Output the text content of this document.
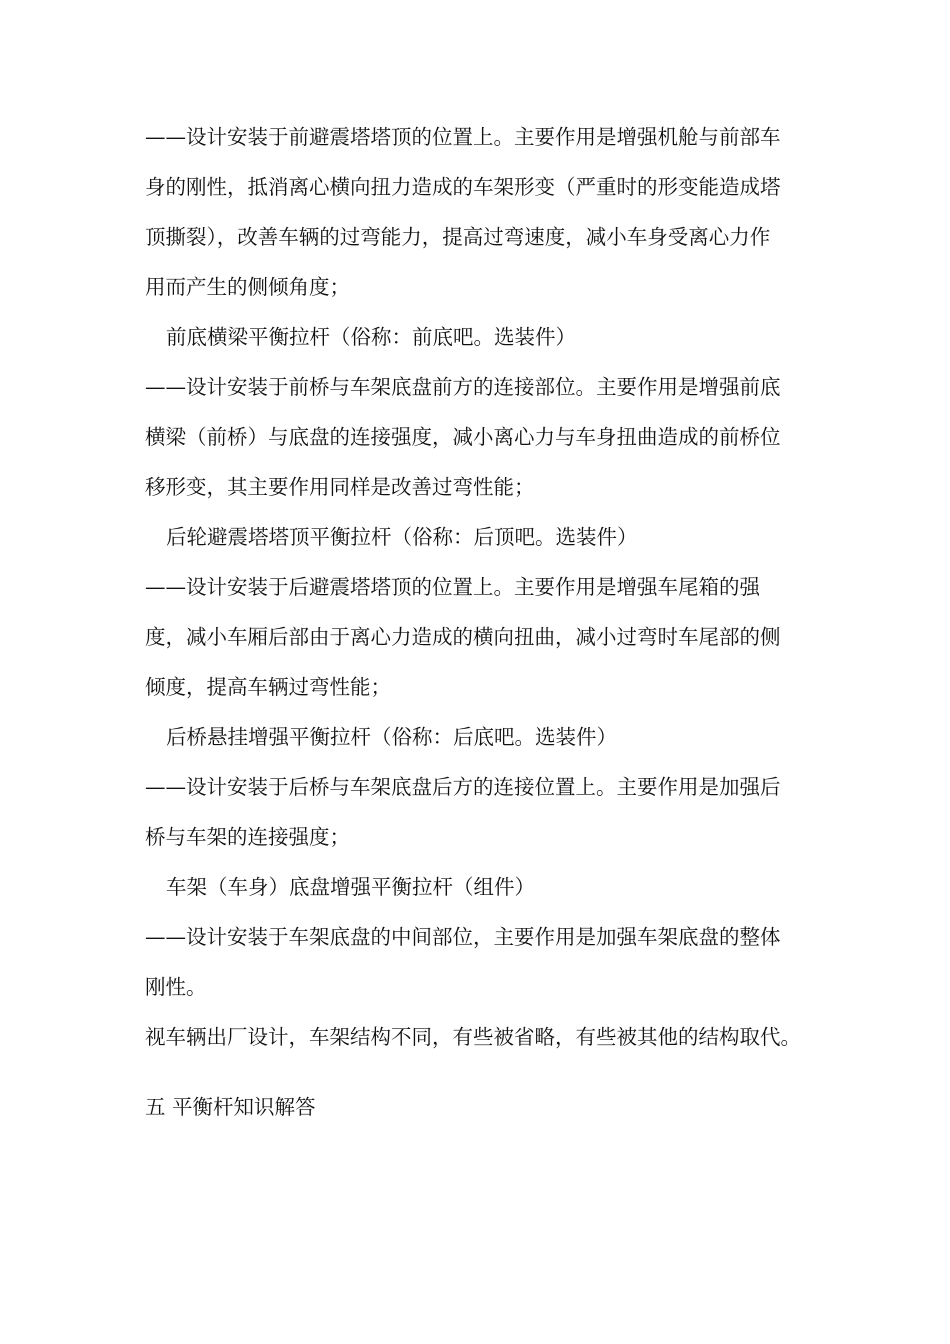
——设计安装于前避震塔塔顶的位置上。主要作用是增强机舱与前部车
身的刚性，抵消离心横向扭力造成的车架形变（严重时的形变能造成塔
顶撕裂），改善车辆的过弯能力，提高过弯速度，减小车身受离心力作
用而产生的侧倾角度；
前底横梁平衡拉杆（俗称：前底吧。选装件）
——设计安装于前桥与车架底盘前方的连接部位。主要作用是增强前底
横梁（前桥）与底盘的连接强度，减小离心力与车身扭曲造成的前桥位
移形变，其主要作用同样是改善过弯性能；
后轮避震塔塔顶平衡拉杆（俗称：后顶吧。选装件）
——设计安装于后避震塔塔顶的位置上。主要作用是增强车尾箱的强
度，减小车厢后部由于离心力造成的横向扭曲，减小过弯时车尾部的侧
倾度，提高车辆过弯性能；
后桥悬挂增强平衡拉杆（俗称：后底吧。选装件）
——设计安装于后桥与车架底盘后方的连接位置上。主要作用是加强后
桥与车架的连接强度；
车架（车身）底盘增强平衡拉杆（组件）
——设计安装于车架底盘的中间部位，主要作用是加强车架底盘的整体
刚性。
视车辆出厂设计，车架结构不同，有些被省略，有些被其他的结构取代。
五 平衡杆知识解答
